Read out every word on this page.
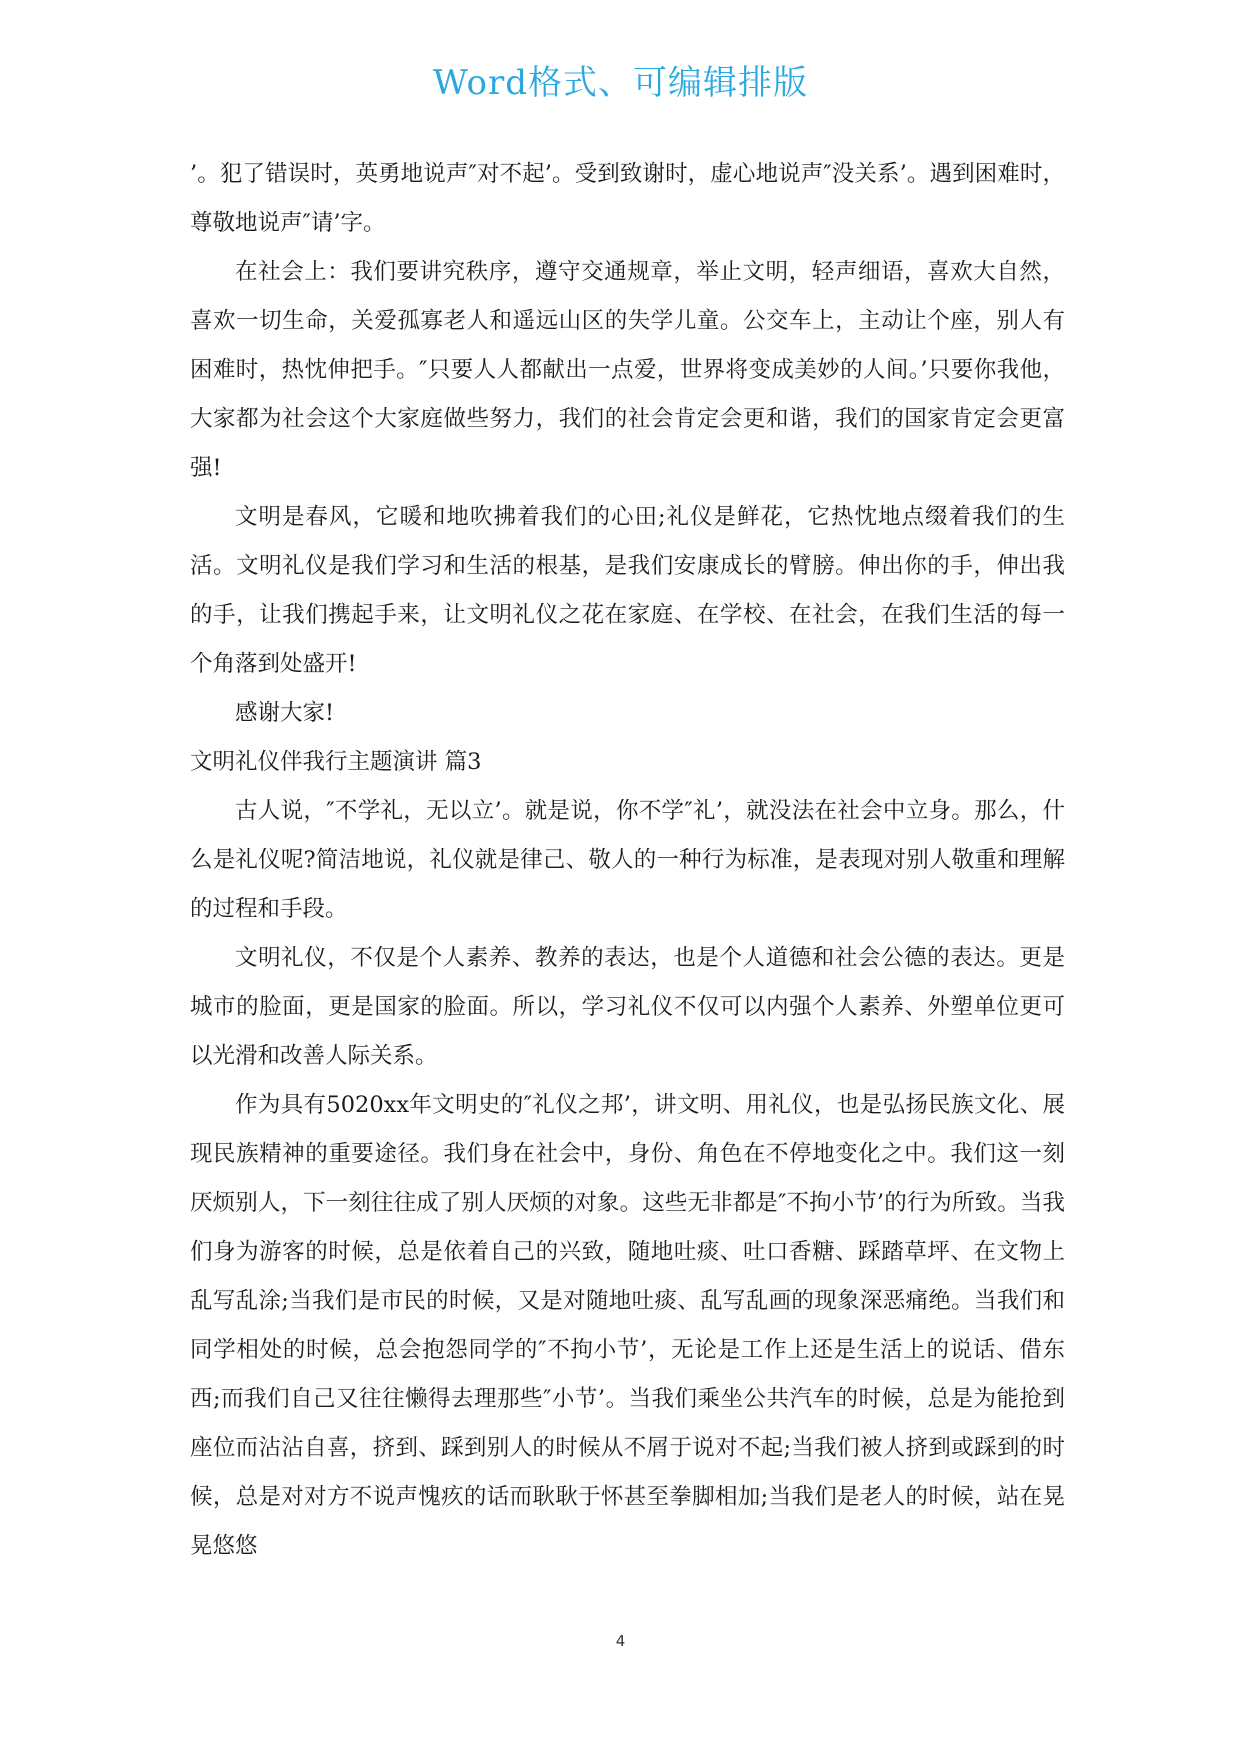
Word格式、可编辑排版

’。犯了错误时，英勇地说声″对不起’。受到致谢时，虚心地说声″没关系’。遇到困难时，尊敬地说声″请’字。

在社会上：我们要讲究秩序，遵守交通规章，举止文明，轻声细语，喜欢大自然，喜欢一切生命，关爱孤寡老人和遥远山区的失学儿童。公交车上，主动让个座，别人有困难时，热忱伸把手。″只要人人都献出一点爱，世界将变成美妙的人间。’只要你我他，大家都为社会这个大家庭做些努力，我们的社会肯定会更和谐，我们的国家肯定会更富强!

文明是春风，它暖和地吹拂着我们的心田;礼仪是鲜花，它热忱地点缀着我们的生活。文明礼仪是我们学习和生活的根基，是我们安康成长的臂膀。伸出你的手，伸出我的手，让我们携起手来，让文明礼仪之花在家庭、在学校、在社会，在我们生活的每一个角落到处盛开!

感谢大家!

文明礼仪伴我行主题演讲 篇3

古人说，″不学礼，无以立’。就是说，你不学″礼’，就没法在社会中立身。那么，什么是礼仪呢?简洁地说，礼仪就是律己、敬人的一种行为标准，是表现对别人敬重和理解的过程和手段。

文明礼仪，不仅是个人素养、教养的表达，也是个人道德和社会公德的表达。更是城市的脸面，更是国家的脸面。所以，学习礼仪不仅可以内强个人素养、外塑单位更可以光滑和改善人际关系。

作为具有5020xx年文明史的″礼仪之邦’，讲文明、用礼仪，也是弘扬民族文化、展现民族精神的重要途径。我们身在社会中，身份、角色在不停地变化之中。我们这一刻厌烦别人，下一刻往往成了别人厌烦的对象。这些无非都是″不拘小节’的行为所致。当我们身为游客的时候，总是依着自己的兴致，随地吐痰、吐口香糖、踩踏草坪、在文物上乱写乱涂;当我们是市民的时候，又是对随地吐痰、乱写乱画的现象深恶痛绝。当我们和同学相处的时候，总会抱怨同学的″不拘小节’，无论是工作上还是生活上的说话、借东西;而我们自己又往往懒得去理那些″小节’。当我们乘坐公共汽车的时候，总是为能抢到座位而沾沾自喜，挤到、踩到别人的时候从不屑于说对不起;当我们被人挤到或踩到的时候，总是对对方不说声愧疚的话而耿耿于怀甚至拳脚相加;当我们是老人的时候，站在晃晃悠悠

4
